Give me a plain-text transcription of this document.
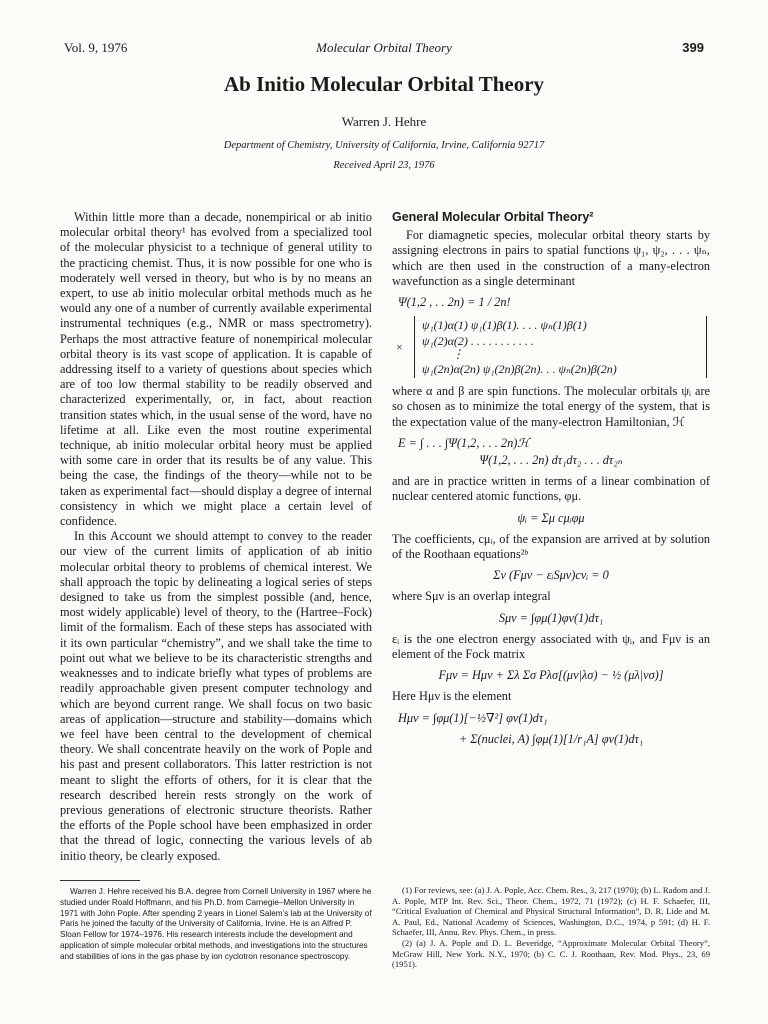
Vol. 9, 1976	Molecular Orbital Theory	399
Ab Initio Molecular Orbital Theory
Warren J. Hehre
Department of Chemistry, University of California, Irvine, California 92717
Received April 23, 1976

Within little more than a decade, nonempirical or ab initio molecular orbital theory¹ has evolved from a specialized tool of the molecular physicist to a technique of general utility to the practicing chemist. Thus, it is now possible for one who is moderately well versed in theory, but who is by no means an expert, to use ab initio molecular orbital methods much as he would any one of a number of currently available experimental instrumental techniques (e.g., NMR or mass spectrometry). Perhaps the most attractive feature of nonempirical molecular orbital theory is its vast scope of application. It is capable of addressing itself to a variety of questions about species which are of too low thermal stability to be readily observed and characterized experimentally, or, in fact, about reaction transition states which, in the usual sense of the word, have no lifetime at all. Like even the most routine experimental technique, ab initio molecular orbital heory must be applied with some care in order that its results be of any value. This being the case, the findings of the theory—while not to be taken as experimental fact—should display a degree of internal consistency in which we might place a certain level of confidence.

In this Account we should attempt to convey to the reader our view of the current limits of application of ab initio molecular orbital theory to problems of chemical interest. We shall approach the topic by delineating a logical series of steps designed to take us from the simplest possible (and, hence, most widely applicable) level of theory, to the (Hartree–Fock) limit of the formalism. Each of these steps has associated with it its own particular “chemistry”, and we shall take the time to point out what we believe to be its characteristic strengths and weaknesses and to indicate briefly what types of problems are readily approachable given present computer technology and which are beyond current range. We shall focus on two basic areas of application—structure and stability—domains which we feel have been central to the development of chemical theory. We shall concentrate heavily on the work of Pople and his past and present collaborators. This latter restriction is not meant to slight the efforts of others, for it is clear that the research described herein rests strongly on the work of previous generations of electronic structure theorists. Rather the efforts of the Pople school have been emphasized in order that the thread of logic, connecting the various levels of ab initio theory, be clearly exposed.

General Molecular Orbital Theory²

For diamagnetic species, molecular orbital theory starts by assigning electrons in pairs to spatial functions ψ₁, ψ₂, . . . ψₙ, which are then used in the construction of a many-electron wavefunction as a single determinant

Ψ(1,2 , . . 2n) = 1 / 2n!
×
ψ₁(1)α(1) ψ₁(1)β(1). . . . ψₙ(1)β(1)
ψ₁(2)α(2) . . . . . . . . . . .
⋮
ψ₁(2n)α(2n) ψ₁(2n)β(2n). . . ψₙ(2n)β(2n)

where α and β are spin functions. The molecular orbitals ψᵢ are so chosen as to minimize the total energy of the system, that is the expectation value of the many-electron Hamiltonian, ℋ

E = ∫ . . . ∫Ψ(1,2, . . . 2n)ℋ
Ψ(1,2, . . . 2n) dτ₁dτ₂ . . . dτ₂ₙ

and are in practice written in terms of a linear combination of nuclear centered atomic functions, φμ.

ψᵢ = Σμ cμᵢφμ

The coefficients, cμᵢ, of the expansion are arrived at by solution of the Roothaan equations²ᵇ

Σν (Fμν − εᵢSμν)cνᵢ = 0

where Sμν is an overlap integral

Sμν = ∫φμ(1)φν(1)dτ₁

εᵢ is the one electron energy associated with ψᵢ, and Fμν is an element of the Fock matrix

Fμν = Hμν + Σλ Σσ Pλσ[(μν|λσ) − ½ (μλ|νσ)]

Here Hμν is the element

Hμν = ∫φμ(1)[−½∇²] φν(1)dτ₁
+ Σ(nuclei, A) ∫φμ(1)[1/r₁A] φν(1)dτ₁

Warren J. Hehre received his B.A. degree from Cornell University in 1967 where he studied under Roald Hoffmann, and his Ph.D. from Carnegie–Mellon University in 1971 with John Pople. After spending 2 years in Lionel Salem’s lab at the University of Paris he joined the faculty of the University of California, Irvine. He is an Alfred P. Sloan Fellow for 1974–1976. His research interests include the development and application of simple molecular orbital methods, and investigations into the structures and stabilities of ions in the gas phase by ion cyclotron resonance spectroscopy.

(1) For reviews, see: (a) J. A. Pople, Acc. Chem. Res., 3, 217 (1970); (b) L. Radom and J. A. Pople, MTP Int. Rev. Sci., Theor. Chem., 1972, 71 (1972); (c) H. F. Schaefer, III, “Critical Evaluation of Chemical and Physical Structural Information”, D. R. Lide and M. A. Paul, Ed., National Academy of Sciences, Washington, D.C., 1974, p 591; (d) H. F. Schaefer, III, Annu. Rev. Phys. Chem., in press.

(2) (a) J. A. Pople and D. L. Beveridge, “Approximate Molecular Orbital Theory”, McGraw Hill, New York. N.Y., 1970; (b) C. C. J. Roothaan, Rev. Mod. Phys., 23, 69 (1951).
